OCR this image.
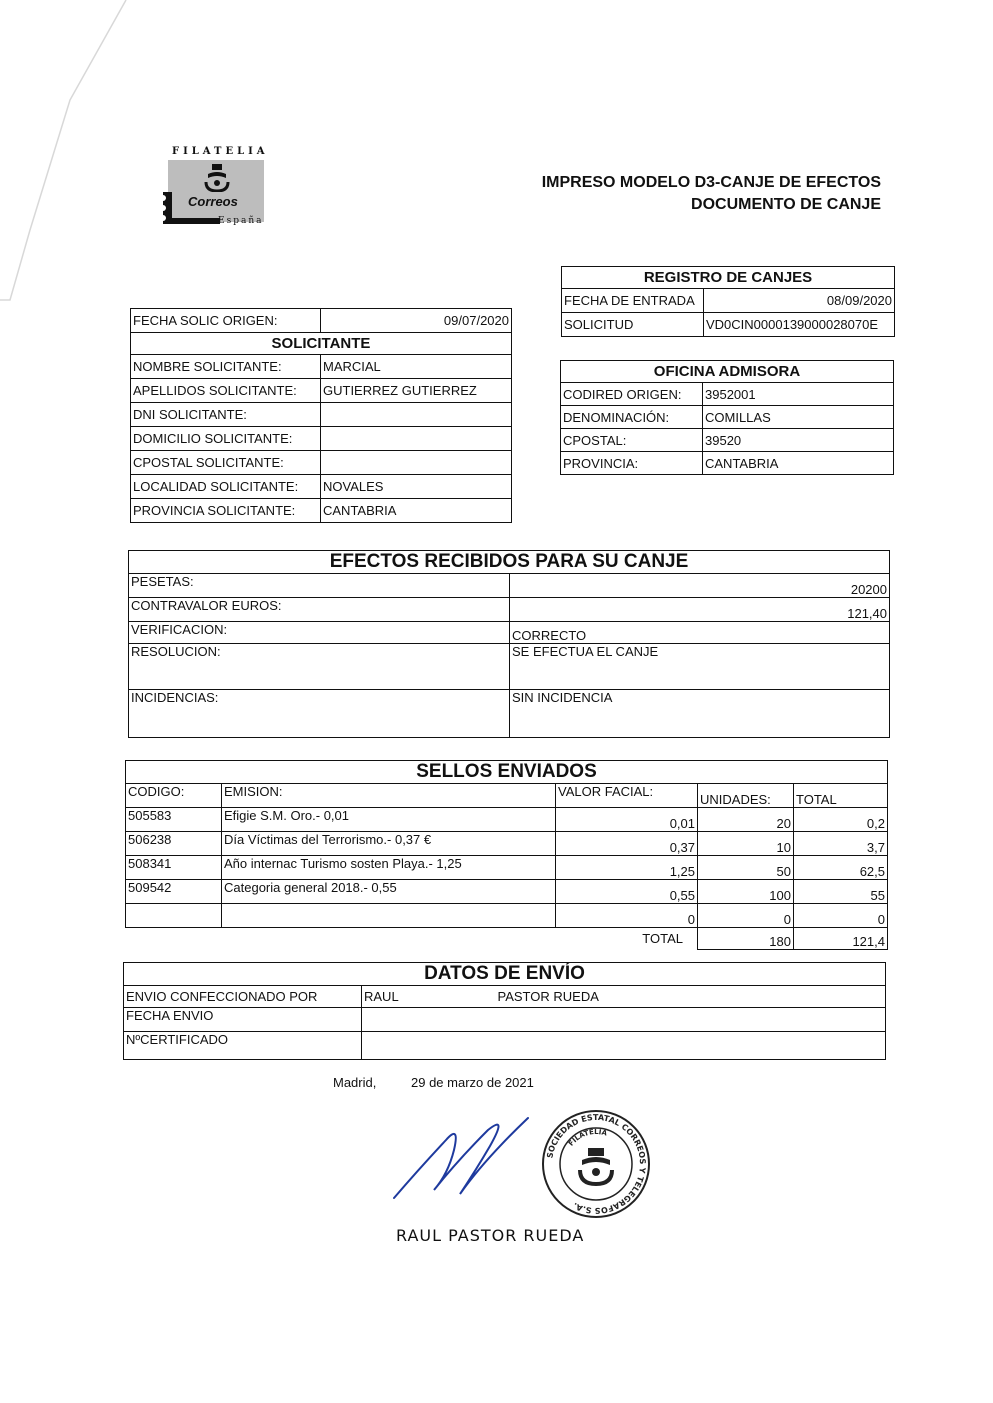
FILATELIA
Correos
España
IMPRESO MODELO D3-CANJE DE EFECTOS
DOCUMENTO DE CANJE
FECHA SOLIC ORIGEN:	09/07/2020
SOLICITANTE	
NOMBRE SOLICITANTE:	MARCIAL
APELLIDOS SOLICITANTE:	GUTIERREZ GUTIERREZ
DNI SOLICITANTE:	
DOMICILIO SOLICITANTE:	
CPOSTAL SOLICITANTE:	
LOCALIDAD SOLICITANTE:	NOVALES
PROVINCIA SOLICITANTE:	CANTABRIA
REGISTRO DE CANJES	
FECHA DE ENTRADA	08/09/2020
SOLICITUD	VD0CIN0000139000028070E
OFICINA ADMISORA	
CODIRED ORIGEN:	3952001
DENOMINACIÓN:	COMILLAS
CPOSTAL:	39520
PROVINCIA:	CANTABRIA
EFECTOS RECIBIDOS PARA SU CANJE	
PESETAS:	20200
CONTRAVALOR EUROS:	121,40
VERIFICACION:	CORRECTO
RESOLUCION:	SE EFECTUA EL CANJE
INCIDENCIAS:	SIN INCIDENCIA
SELLOS ENVIADOS				
CODIGO:	EMISION:	VALOR FACIAL:	UNIDADES:	TOTAL
505583	Efigie S.M. Oro.- 0,01	0,01	20	0,2
506238	Día Víctimas del Terrorismo.- 0,37 €	0,37	10	3,7
508341	Año internac Turismo sosten Playa.- 1,25	1,25	50	62,5
509542	Categoria general 2018.- 0,55	0,55	100	55
		0	0	0
		TOTAL	180	121,4
DATOS DE ENVÍO		
ENVIO CONFECCIONADO POR	RAUL	PASTOR RUEDA
FECHA ENVIO		
NºCERTIFICADO		
Madrid,	29 de marzo de 2021
SOCIEDAD ESTATAL CORREOS Y TELEGRAFOS S.A.
FILATELIA
RAUL PASTOR RUEDA
